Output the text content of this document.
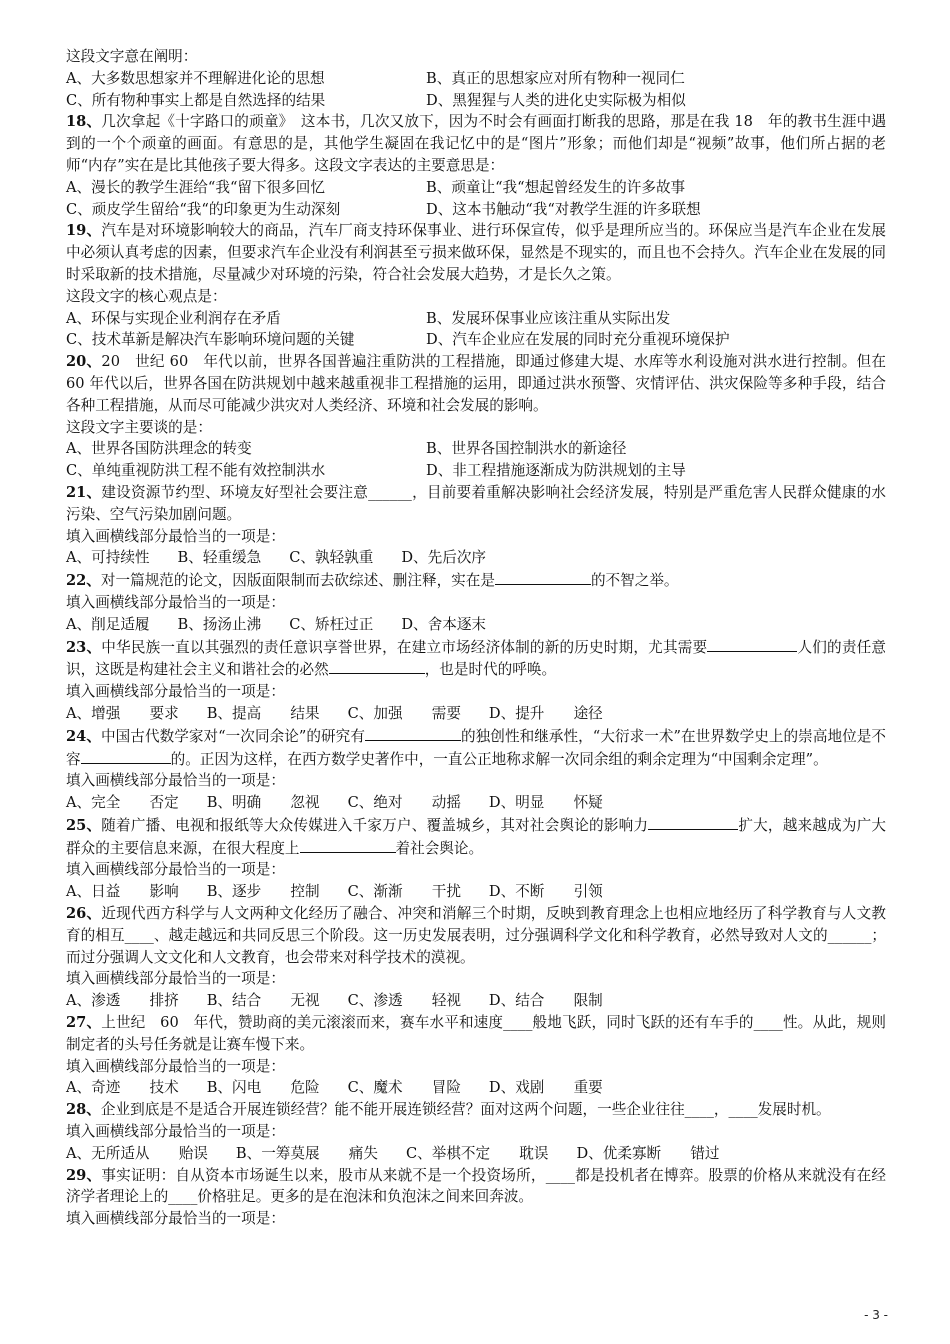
这段文字意在阐明：
A、大多数思想家并不理解进化论的思想	B、真正的思想家应对所有物种一视同仁
C、所有物种事实上都是自然选择的结果	D、黑猩猩与人类的进化史实际极为相似
18、几次拿起《十字路口的顽童》　这本书，几次又放下，因为不时会有画面打断我的思路，那是在我 18　年的教书生涯中遇到的一个个顽童的画面。有意思的是，其他学生凝固在我记忆中的是“图片”形象；而他们却是“视频”故事，他们所占据的老师“内存”实在是比其他孩子要大得多。这段文字表达的主要意思是：
A、漫长的教学生涯给“我“留下很多回忆	B、顽童让“我“想起曾经发生的许多故事
C、顽皮学生留给“我“的印象更为生动深刻	D、这本书触动“我“对教学生涯的许多联想
19、汽车是对环境影响较大的商品，汽车厂商支持环保事业、进行环保宣传，似乎是理所应当的。环保应当是汽车企业在发展中必须认真考虑的因素，但要求汽车企业没有利润甚至亏损来做环保，显然是不现实的，而且也不会持久。汽车企业在发展的同时采取新的技术措施，尽量减少对环境的污染，符合社会发展大趋势，才是长久之策。
这段文字的核心观点是：
A、环保与实现企业利润存在矛盾	B、发展环保事业应该注重从实际出发
C、技术革新是解决汽车影响环境问题的关键	D、汽车企业应在发展的同时充分重视环境保护
20、20　世纪 60　年代以前，世界各国普遍注重防洪的工程措施，即通过修建大堤、水库等水利设施对洪水进行控制。但在 60 年代以后，世界各国在防洪规划中越来越重视非工程措施的运用，即通过洪水预警、灾情评估、洪灾保险等多种手段，结合各种工程措施，从而尽可能减少洪灾对人类经济、环境和社会发展的影响。
这段文字主要谈的是：
A、世界各国防洪理念的转变	B、世界各国控制洪水的新途径
C、单纯重视防洪工程不能有效控制洪水	D、非工程措施逐渐成为防洪规划的主导
21、建设资源节约型、环境友好型社会要注意______，目前要着重解决影响社会经济发展，特别是严重危害人民群众健康的水污染、空气污染加剧问题。
填入画横线部分最恰当的一项是：
A、可持续性 B、轻重缓急 C、孰轻孰重 D、先后次序
22、对一篇规范的论文，因版面限制而去砍综述、删注释，实在是	的不智之举。
填入画横线部分最恰当的一项是：
A、削足适履 B、扬汤止沸 C、矫枉过正 D、舍本逐末
23、中华民族一直以其强烈的责任意识享誉世界，在建立市场经济体制的新的历史时期，尤其需要	人们的责任意识，这既是构建社会主义和谐社会的必然	，也是时代的呼唤。
填入画横线部分最恰当的一项是：
A、增强　　要求 B、提高　　结果 C、加强　　需要 D、提升　　途径
24、中国古代数学家对“一次同余论”的研究有	的独创性和继承性，“大衍求一术”在世界数学史上的崇高地位是不容	的。正因为这样，在西方数学史著作中，一直公正地称求解一次同余组的剩余定理为“中国剩余定理”。
填入画横线部分最恰当的一项是：
A、完全　　否定 B、明确　　忽视 C、绝对　　动摇 D、明显　　怀疑
25、随着广播、电视和报纸等大众传媒进入千家万户、覆盖城乡，其对社会舆论的影响力	扩大，越来越成为广大群众的主要信息来源，在很大程度上	着社会舆论。
填入画横线部分最恰当的一项是：
A、日益　　影响 B、逐步　　控制 C、渐渐　　干扰 D、不断　　引领
26、近现代西方科学与人文两种文化经历了融合、冲突和消解三个时期，反映到教育理念上也相应地经历了科学教育与人文教育的相互____、越走越远和共同反思三个阶段。这一历史发展表明，过分强调科学文化和科学教育，必然导致对人文的______；而过分强调人文文化和人文教育，也会带来对科学技术的漠视。
填入画横线部分最恰当的一项是：
A、渗透　　排挤 B、结合　　无视 C、渗透　　轻视 D、结合　　限制
27、上世纪　60　年代，赞助商的美元滚滚而来，赛车水平和速度____般地飞跃，同时飞跃的还有车手的____性。从此，规则制定者的头号任务就是让赛车慢下来。
填入画横线部分最恰当的一项是：
A、奇迹　　技术 B、闪电　　危险 C、魔术　　冒险 D、戏剧　　重要
28、企业到底是不是适合开展连锁经营？能不能开展连锁经营？面对这两个问题，一些企业往往____，____发展时机。
填入画横线部分最恰当的一项是：
A、无所适从　　贻误 B、一筹莫展　　痛失 C、举棋不定　　耽误 D、优柔寡断　　错过
29、事实证明：自从资本市场诞生以来，股市从来就不是一个投资场所，____都是投机者在博弈。股票的价格从来就没有在经济学者理论上的____价格驻足。更多的是在泡沫和负泡沫之间来回奔波。
填入画横线部分最恰当的一项是：
- 3 -
